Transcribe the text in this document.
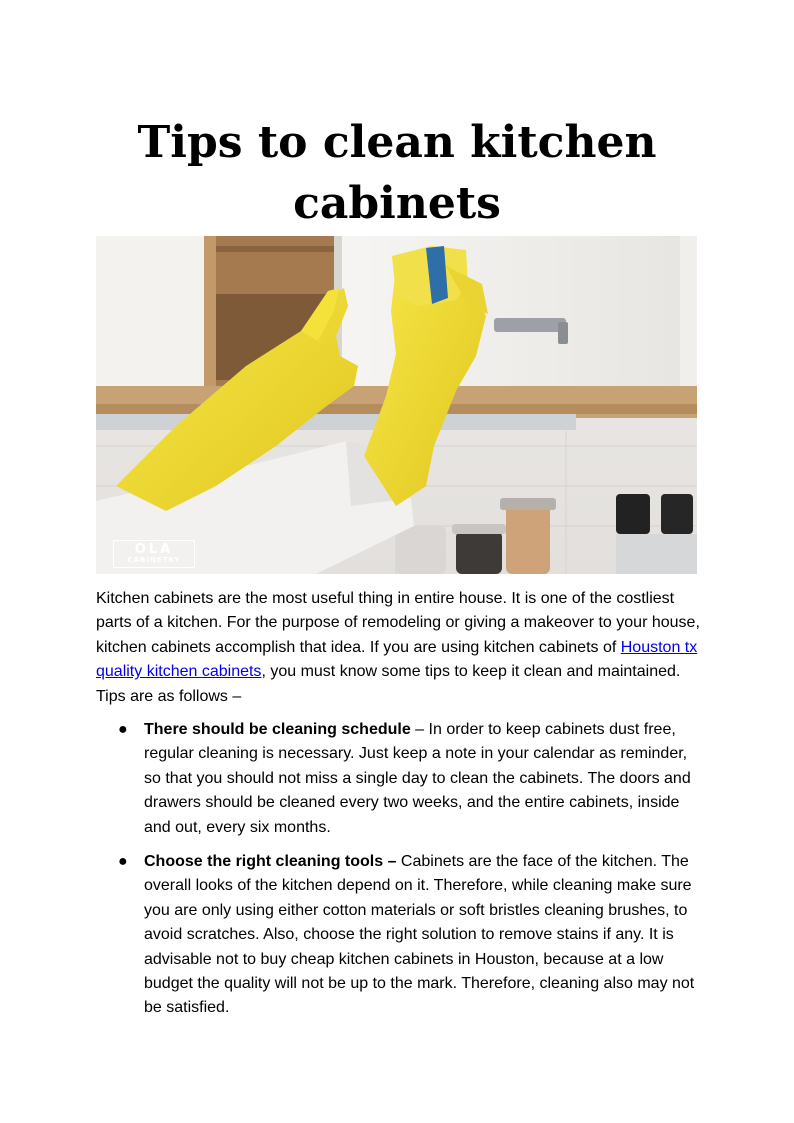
Tips to clean kitchen cabinets
OLA
CABINETRY

Kitchen cabinets are the most useful thing in entire house. It is one of the costliest parts of a kitchen. For the purpose of remodeling or giving a makeover to your house, kitchen cabinets accomplish that idea. If you are using kitchen cabinets of Houston tx quality kitchen cabinets, you must know some tips to keep it clean and maintained. Tips are as follows –

● There should be cleaning schedule – In order to keep cabinets dust free, regular cleaning is necessary. Just keep a note in your calendar as reminder, so that you should not miss a single day to clean the cabinets. The doors and drawers should be cleaned every two weeks, and the entire cabinets, inside and out, every six months.
● Choose the right cleaning tools – Cabinets are the face of the kitchen. The overall looks of the kitchen depend on it. Therefore, while cleaning make sure you are only using either cotton materials or soft bristles cleaning brushes, to avoid scratches. Also, choose the right solution to remove stains if any. It is advisable not to buy cheap kitchen cabinets in Houston, because at a low budget the quality will not be up to the mark. Therefore, cleaning also may not be satisfied.
